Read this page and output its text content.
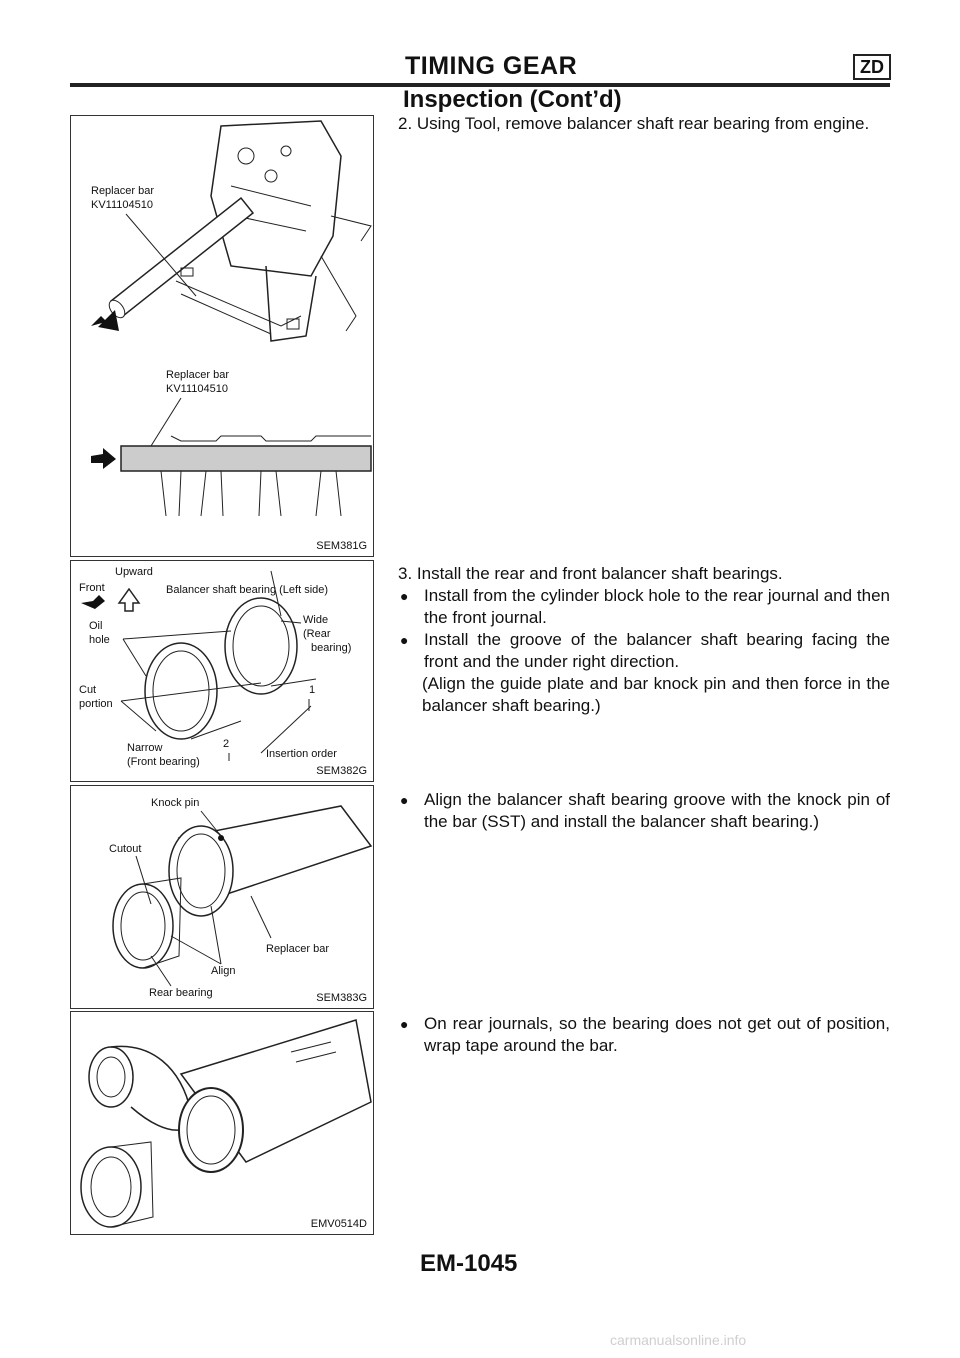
TIMING GEAR	ZD
Inspection (Cont’d)
Replacer bar
KV11104510
Replacer bar
KV11104510
SEM381G
Upward
Front	Balancer shaft bearing (Left side)
Oil
hole
Wide
(Rear
bearing)
Cut
portion
1
2
Narrow
(Front bearing)
Insertion order
SEM382G
Knock pin
Cutout
Replacer bar
Align
Rear bearing	SEM383G
EMV0514D

2. Using Tool, remove balancer shaft rear bearing from engine.

3. Install the rear and front balancer shaft bearings.

● Install from the cylinder block hole to the rear journal and then the front journal.
● Install the groove of the balancer shaft bearing facing the front and the under right direction.

(Align the guide plate and bar knock pin and then force in the balancer shaft bearing.)

● Align the balancer shaft bearing groove with the knock pin of the bar (SST) and install the balancer shaft bearing.)
● On rear journals, so the bearing does not get out of position, wrap tape around the bar.
EM-1045
carmanualsonline.info
